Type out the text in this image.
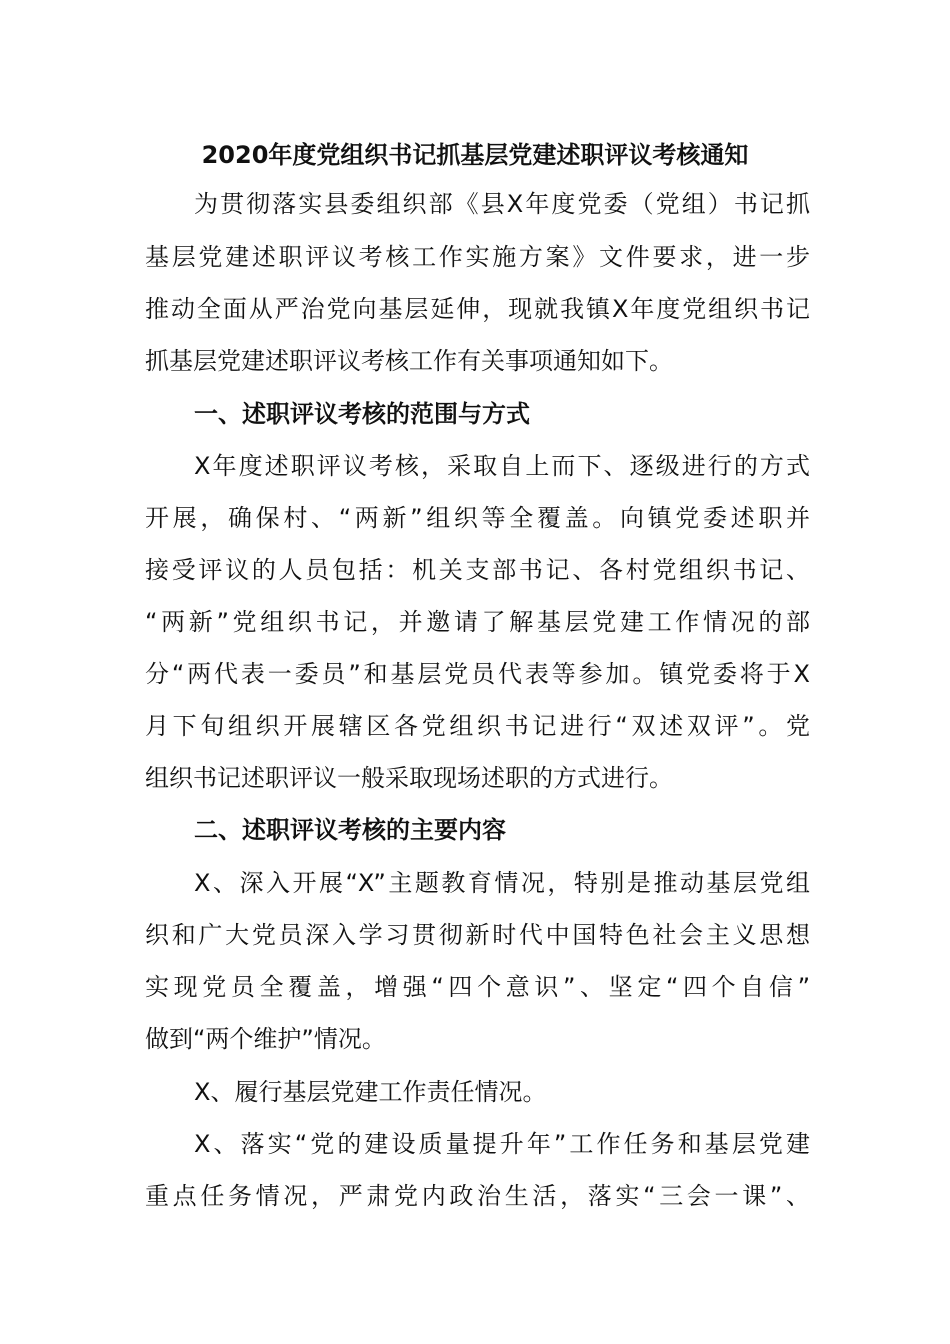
2020年度党组织书记抓基层党建述职评议考核通知
为贯彻落实县委组织部《县X年度党委（党组）书记抓
基层党建述职评议考核工作实施方案》文件要求，进一步
推动全面从严治党向基层延伸，现就我镇X年度党组织书记
抓基层党建述职评议考核工作有关事项通知如下。
一、述职评议考核的范围与方式
X年度述职评议考核，采取自上而下、逐级进行的方式
开展，确保村、“两新”组织等全覆盖。向镇党委述职并
接受评议的人员包括：机关支部书记、各村党组织书记、
“两新”党组织书记，并邀请了解基层党建工作情况的部
分“两代表一委员”和基层党员代表等参加。镇党委将于X
月下旬组织开展辖区各党组织书记进行“双述双评”。党
组织书记述职评议一般采取现场述职的方式进行。
二、述职评议考核的主要内容
X、深入开展“X”主题教育情况，特别是推动基层党组
织和广大党员深入学习贯彻新时代中国特色社会主义思想
实现党员全覆盖，增强“四个意识”、坚定“四个自信”
做到“两个维护”情况。
X、履行基层党建工作责任情况。
X、落实“党的建设质量提升年”工作任务和基层党建
重点任务情况，严肃党内政治生活，落实“三会一课”、
